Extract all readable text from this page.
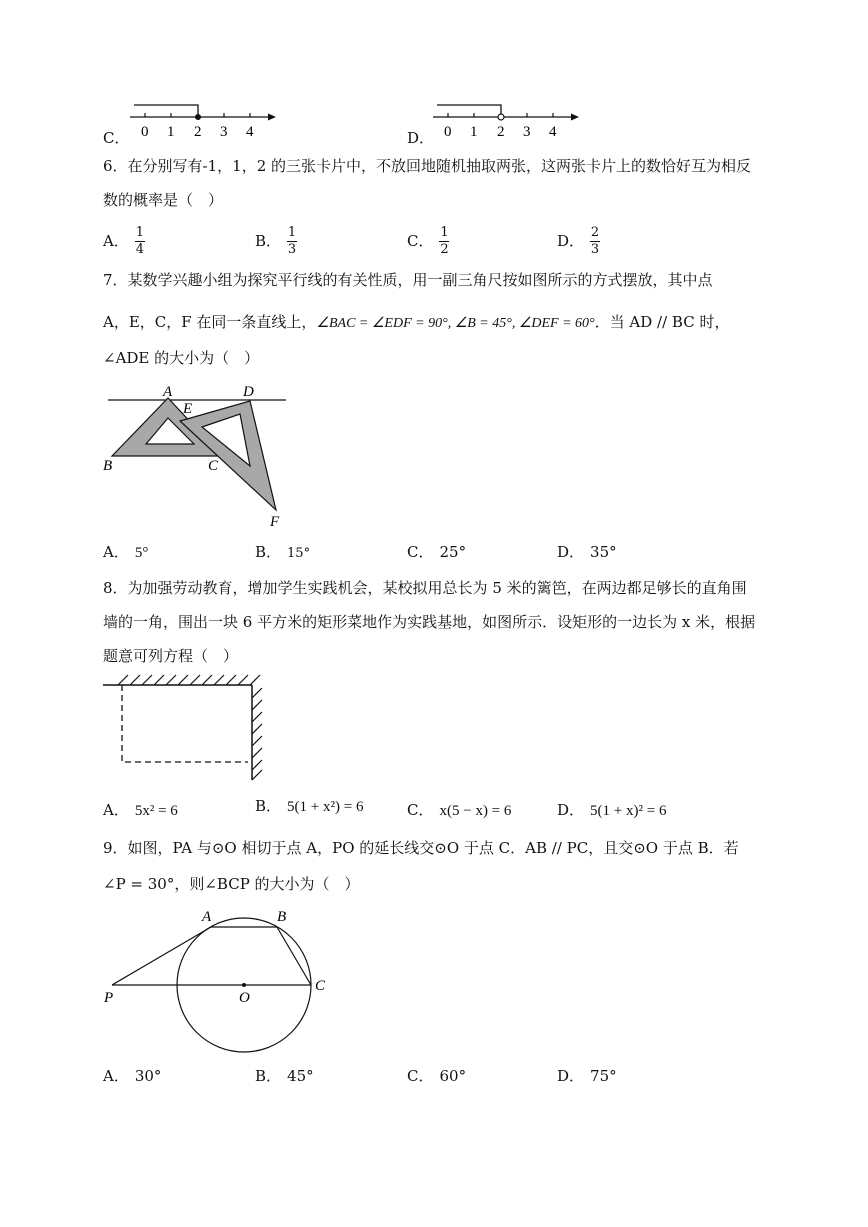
C． 0 1 2 3 4	D． 0 1 2 3 4
6．在分别写有-1，1，2 的三张卡片中，不放回地随机抽取两张，这两张卡片上的数恰好互为相反
数的概率是（　）
A． $\frac{1}{4}$	B． $\frac{1}{3}$	C． $\frac{1}{2}$	D． $\frac{2}{3}$
7．某数学兴趣小组为探究平行线的有关性质，用一副三角尺按如图所示的方式摆放，其中点
A，E，C，F 在同一条直线上，∠BAC = ∠EDF = 90°, ∠B = 45°, ∠DEF = 60°．当 AD // BC 时，
∠ADE 的大小为（　）
A	D
E
B	C
F
A． 5°	B． 15°	C． 25°	D． 35°
8．为加强劳动教育，增加学生实践机会，某校拟用总长为 5 米的篱笆，在两边都足够长的直角围
墙的一角，围出一块 6 平方米的矩形菜地作为实践基地，如图所示．设矩形的一边长为 x 米，根据
题意可列方程（　）
A． 5x² = 6	B． 5(1 + x²) = 6	C． x(5 − x) = 6	D． 5(1 + x)² = 6
9．如图，PA 与⊙O 相切于点 A，PO 的延长线交⊙O 于点 C．AB // PC，且交⊙O 于点 B．若
∠P = 30°，则∠BCP 的大小为（　）
P	O
A	B
C
A． 30°	B． 45°	C． 60°	D． 75°
